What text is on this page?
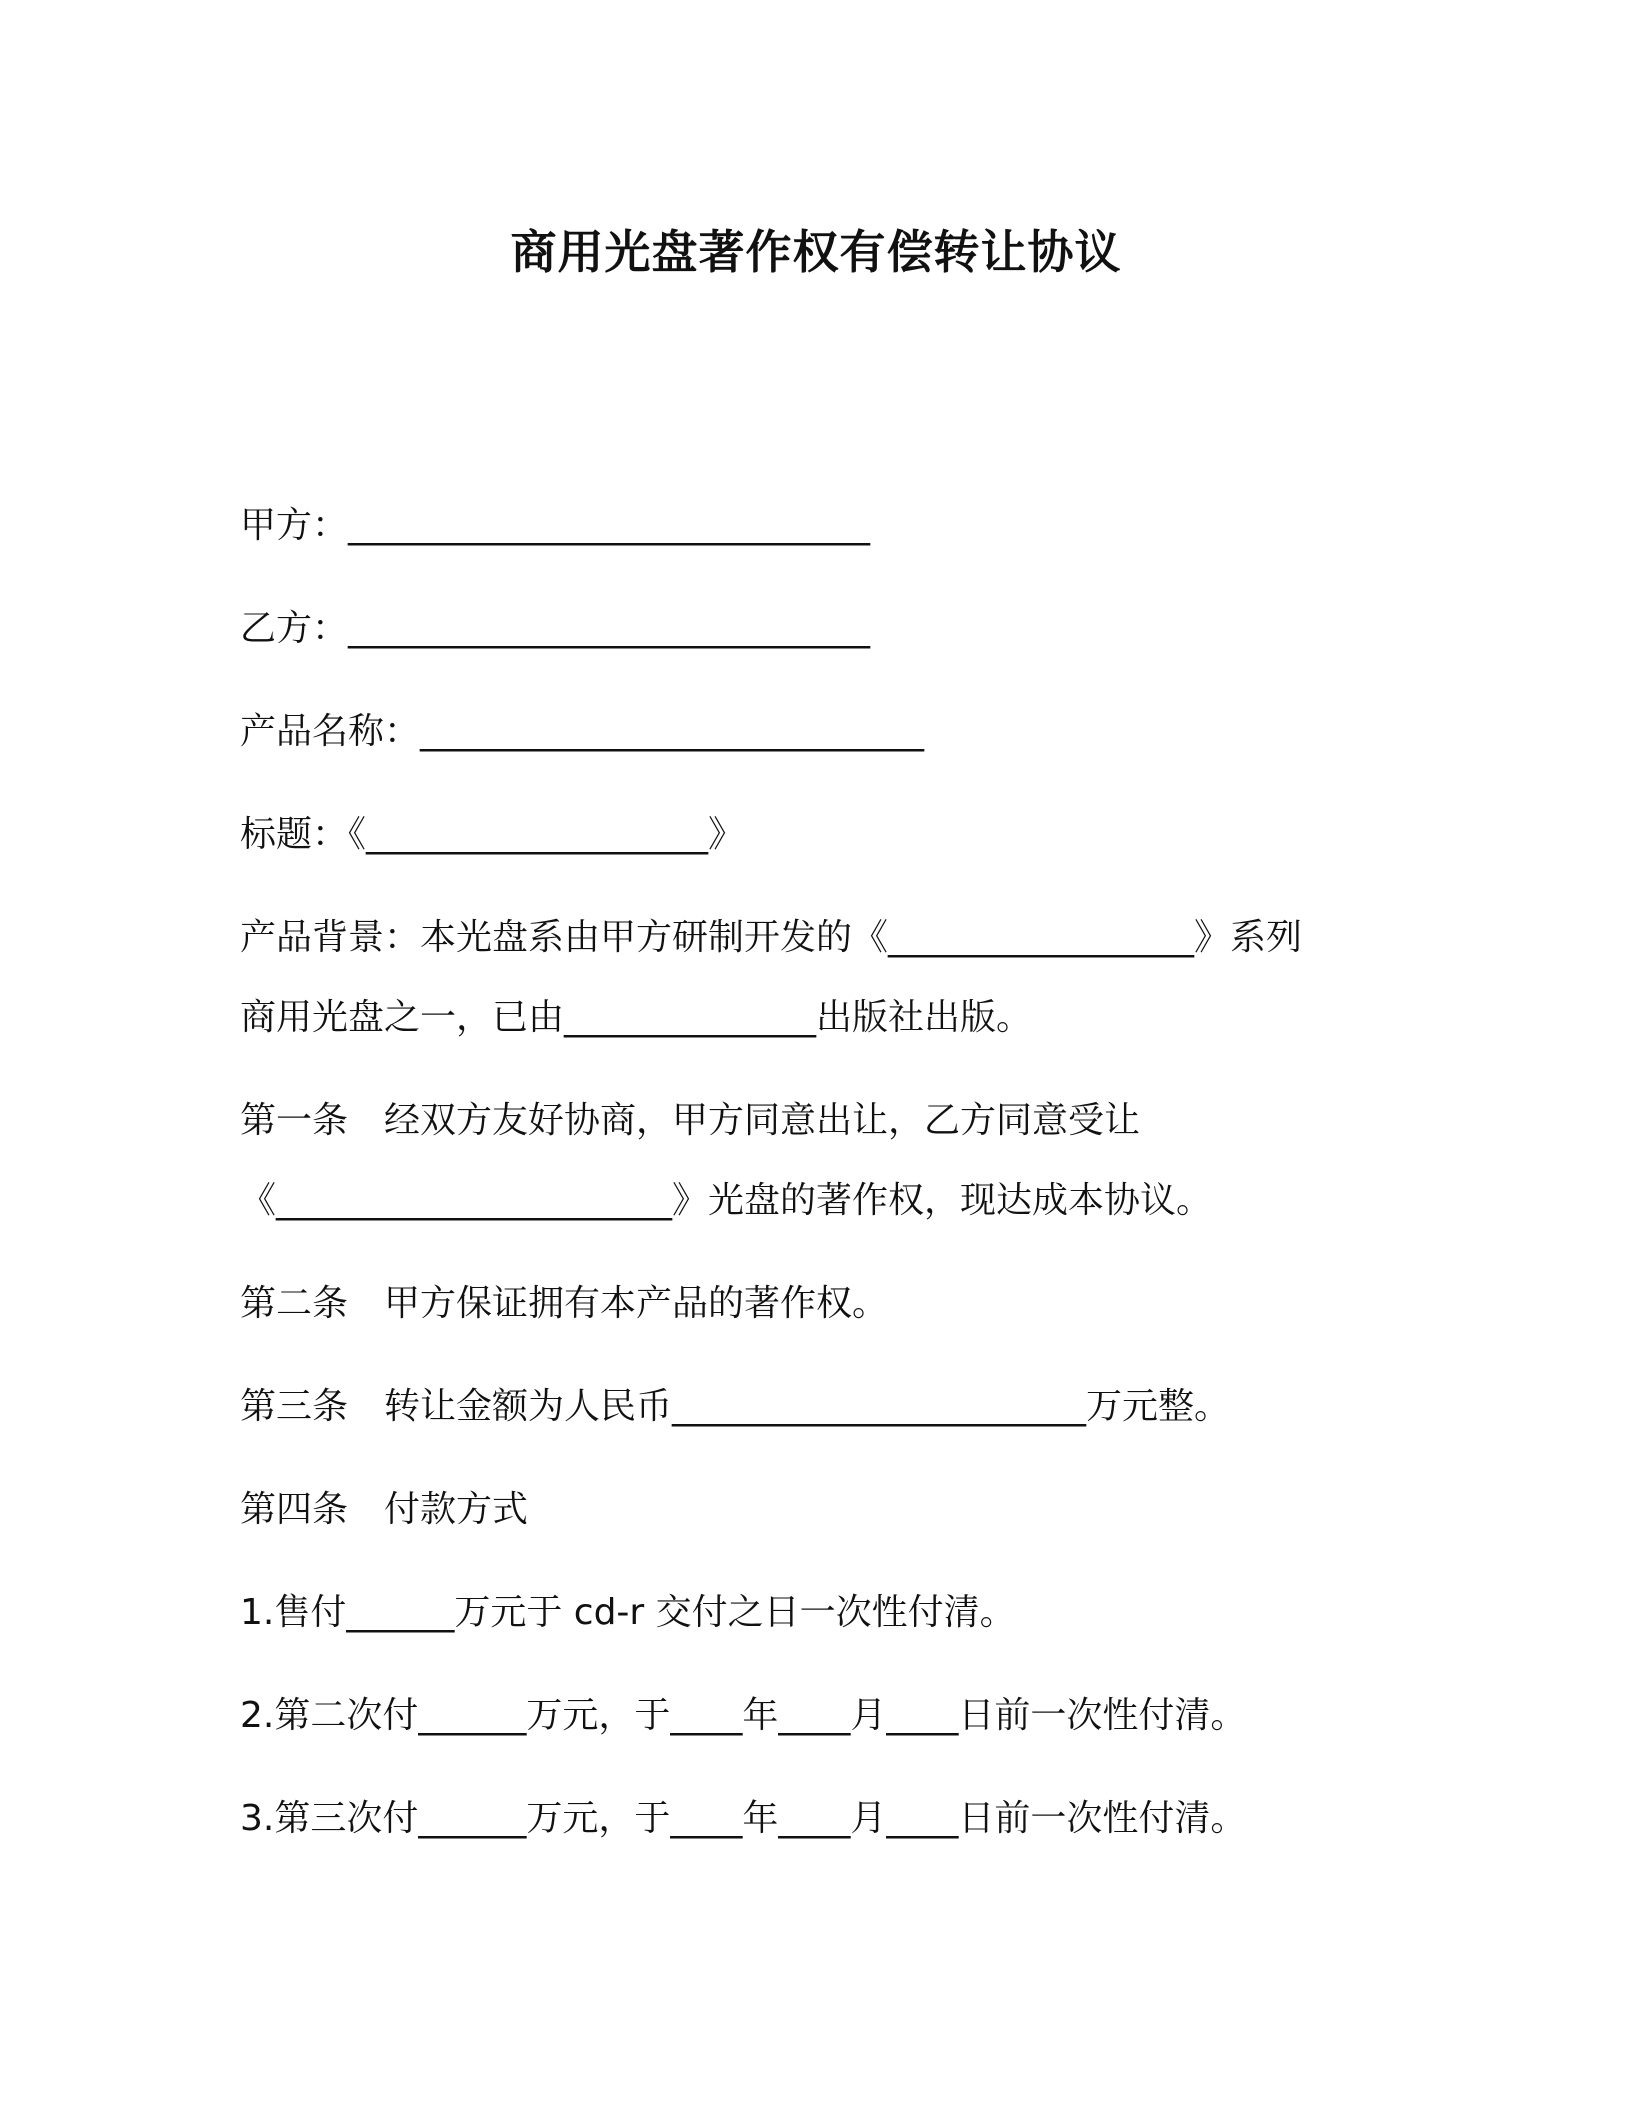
商用光盘著作权有偿转让协议
甲方：_____________________________
乙方：_____________________________
产品名称：____________________________
标题：《___________________》
产品背景：本光盘系由甲方研制开发的《_________________》系列
商用光盘之一，已由______________出版社出版。
第一条　经双方友好协商，甲方同意出让，乙方同意受让
《______________________》光盘的著作权，现达成本协议。
第二条　甲方保证拥有本产品的著作权。
第三条　转让金额为人民币_______________________万元整。
第四条　付款方式
1.售付______万元于 cd-r 交付之日一次性付清。
2.第二次付______万元，于____年____月____日前一次性付清。
3.第三次付______万元，于____年____月____日前一次性付清。
